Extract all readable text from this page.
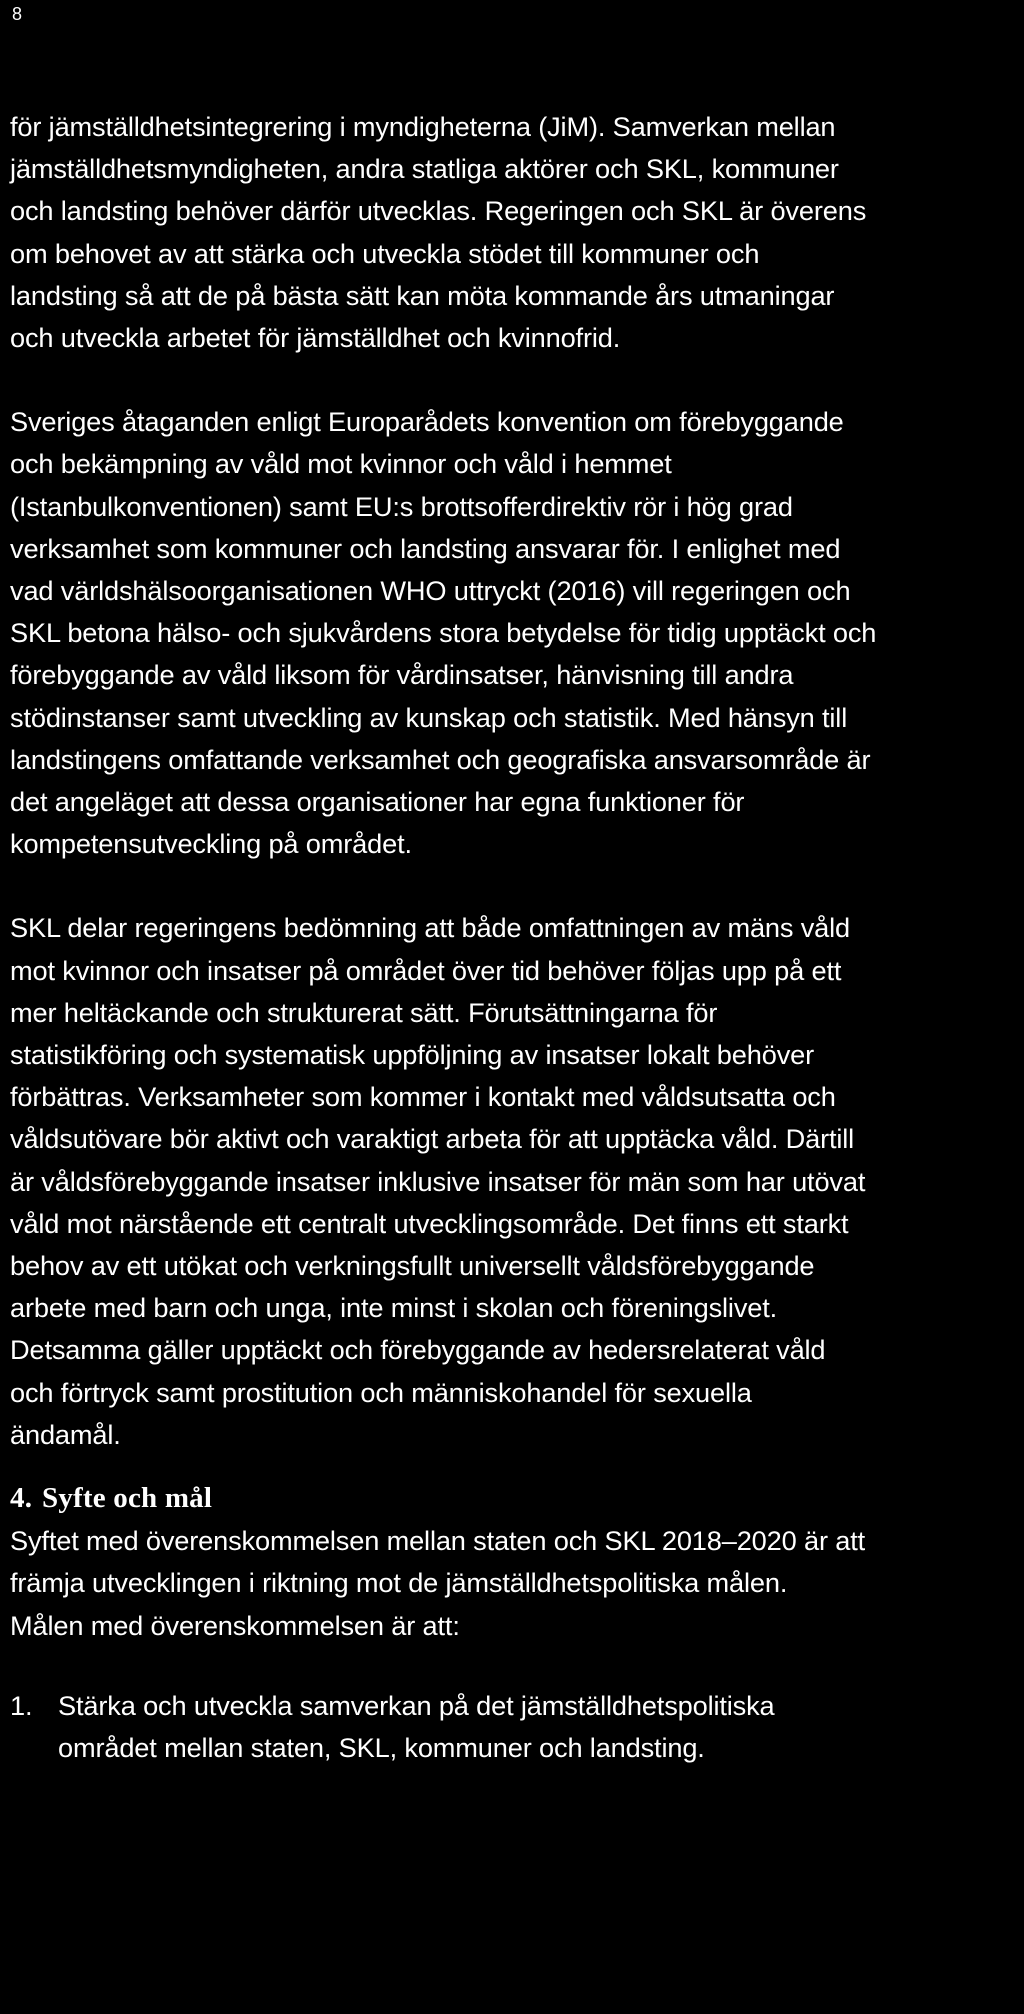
8

för jämställdhetsintegrering i myndigheterna (JiM). Samverkan mellan
jämställdhetsmyndigheten, andra statliga aktörer och SKL, kommuner
och landsting behöver därför utvecklas. Regeringen och SKL är överens
om behovet av att stärka och utveckla stödet till kommuner och
landsting så att de på bästa sätt kan möta kommande års utmaningar
och utveckla arbetet för jämställdhet och kvinnofrid.

Sveriges åtaganden enligt Europarådets konvention om förebyggande
och bekämpning av våld mot kvinnor och våld i hemmet
(Istanbulkonventionen) samt EU:s brottsofferdirektiv rör i hög grad
verksamhet som kommuner och landsting ansvarar för. I enlighet med
vad världshälsoorganisationen WHO uttryckt (2016) vill regeringen och
SKL betona hälso- och sjukvårdens stora betydelse för tidig upptäckt och
förebyggande av våld liksom för vårdinsatser, hänvisning till andra
stödinstanser samt utveckling av kunskap och statistik. Med hänsyn till
landstingens omfattande verksamhet och geografiska ansvarsområde är
det angeläget att dessa organisationer har egna funktioner för
kompetensutveckling på området.

SKL delar regeringens bedömning att både omfattningen av mäns våld
mot kvinnor och insatser på området över tid behöver följas upp på ett
mer heltäckande och strukturerat sätt. Förutsättningarna för
statistikföring och systematisk uppföljning av insatser lokalt behöver
förbättras. Verksamheter som kommer i kontakt med våldsutsatta och
våldsutövare bör aktivt och varaktigt arbeta för att upptäcka våld. Därtill
är våldsförebyggande insatser inklusive insatser för män som har utövat
våld mot närstående ett centralt utvecklingsområde. Det finns ett starkt
behov av ett utökat och verkningsfullt universellt våldsförebyggande
arbete med barn och unga, inte minst i skolan och föreningslivet.
Detsamma gäller upptäckt och förebyggande av hedersrelaterat våld
och förtryck samt prostitution och människohandel för sexuella
ändamål.

4. Syfte och mål

Syftet med överenskommelsen mellan staten och SKL 2018–2020 är att
främja utvecklingen i riktning mot de jämställdhetspolitiska målen.
Målen med överenskommelsen är att:

1. Stärka och utveckla samverkan på det jämställdhetspolitiska
området mellan staten, SKL, kommuner och landsting.
